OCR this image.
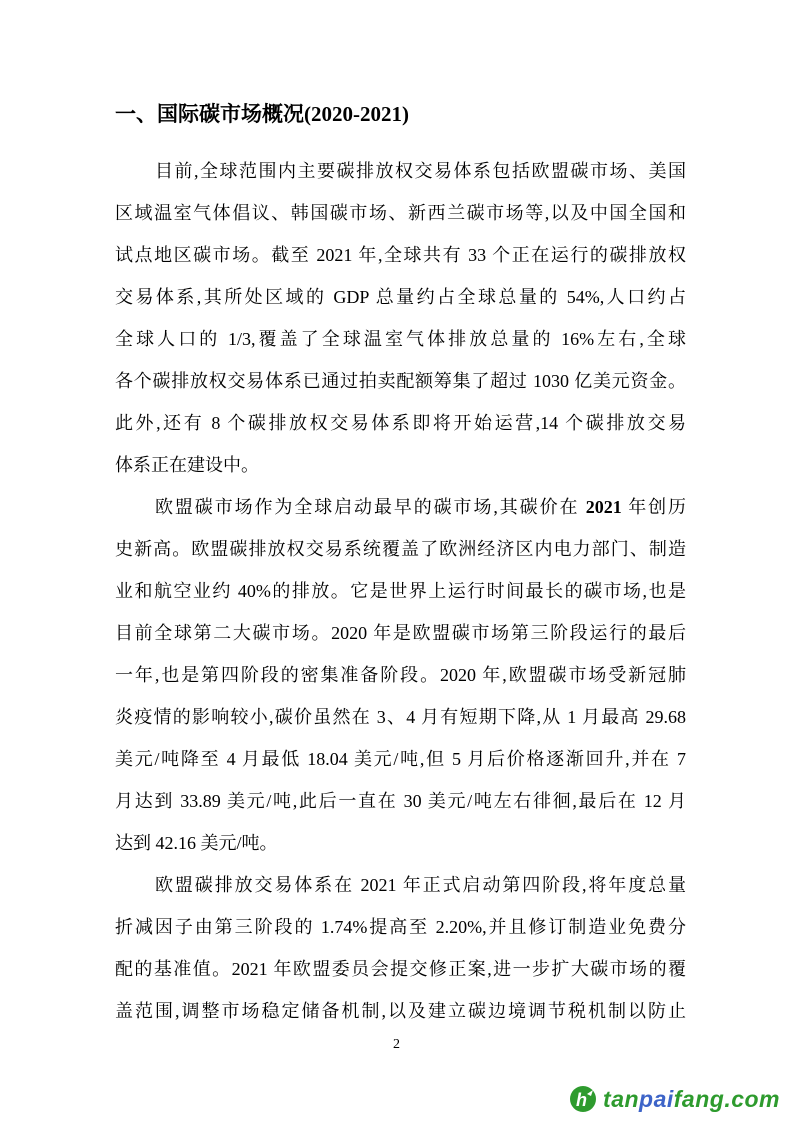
一、国际碳市场概况(2020-2021)
目前,全球范围内主要碳排放权交易体系包括欧盟碳市场、美国
区域温室气体倡议、韩国碳市场、新西兰碳市场等,以及中国全国和
试点地区碳市场。截至 2021 年,全球共有 33 个正在运行的碳排放权
交易体系,其所处区域的 GDP 总量约占全球总量的 54%,人口约占
全球人口的 1/3,覆盖了全球温室气体排放总量的 16%左右,全球
各个碳排放权交易体系已通过拍卖配额筹集了超过 1030 亿美元资金。
此外,还有 8 个碳排放权交易体系即将开始运营,14 个碳排放交易
体系正在建设中。
欧盟碳市场作为全球启动最早的碳市场,其碳价在 2021 年创历
史新高。欧盟碳排放权交易系统覆盖了欧洲经济区内电力部门、制造
业和航空业约 40%的排放。它是世界上运行时间最长的碳市场,也是
目前全球第二大碳市场。2020 年是欧盟碳市场第三阶段运行的最后
一年,也是第四阶段的密集准备阶段。2020 年,欧盟碳市场受新冠肺
炎疫情的影响较小,碳价虽然在 3、4 月有短期下降,从 1 月最高 29.68
美元/吨降至 4 月最低 18.04 美元/吨,但 5 月后价格逐渐回升,并在 7
月达到 33.89 美元/吨,此后一直在 30 美元/吨左右徘徊,最后在 12 月
达到 42.16 美元/吨。
欧盟碳排放交易体系在 2021 年正式启动第四阶段,将年度总量
折减因子由第三阶段的 1.74%提高至 2.20%,并且修订制造业免费分
配的基准值。2021 年欧盟委员会提交修正案,进一步扩大碳市场的覆
盖范围,调整市场稳定储备机制,以及建立碳边境调节税机制以防止
2
h tanpaifang.com
